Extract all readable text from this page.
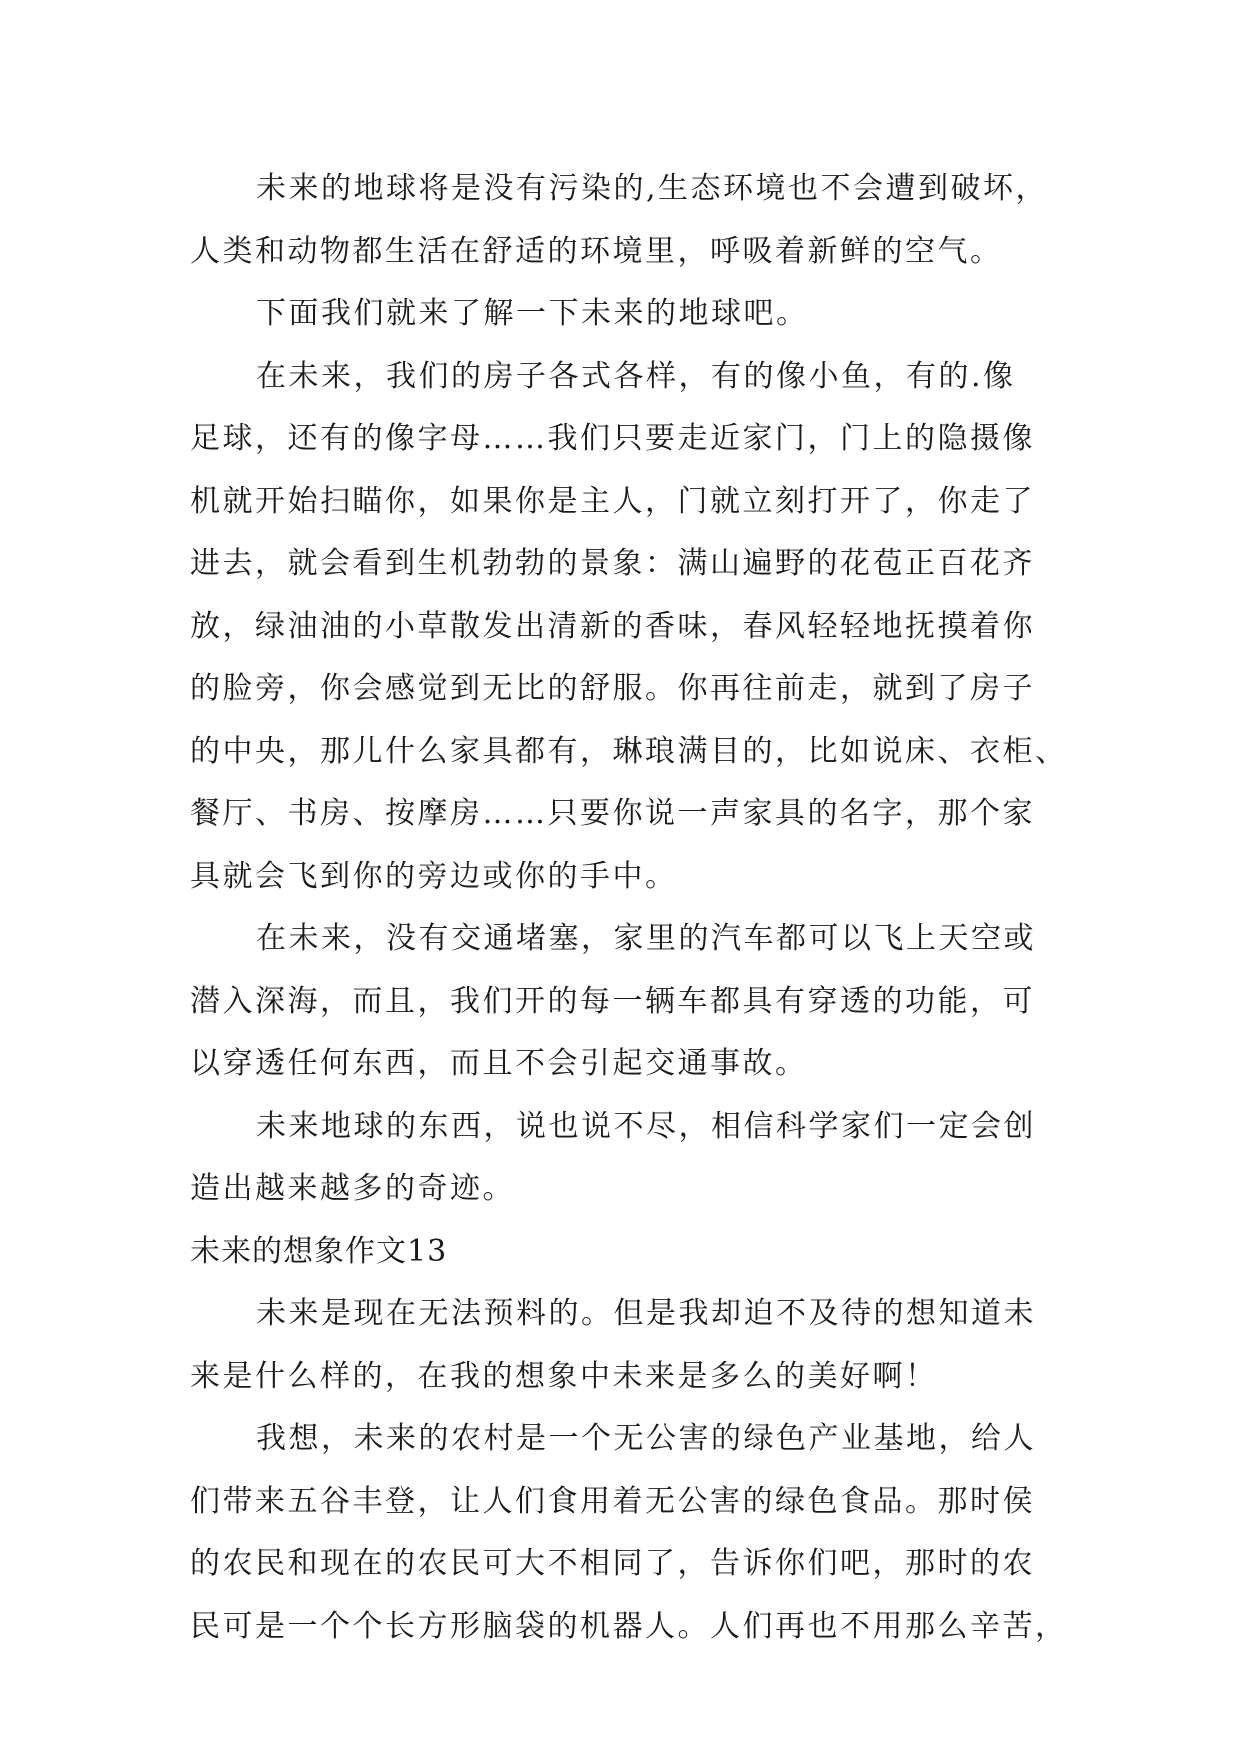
未来的地球将是没有污染的,生态环境也不会遭到破坏，
人类和动物都生活在舒适的环境里，呼吸着新鲜的空气。
下面我们就来了解一下未来的地球吧。
在未来，我们的房子各式各样，有的像小鱼，有的.像
足球，还有的像字母……我们只要走近家门，门上的隐摄像
机就开始扫瞄你，如果你是主人，门就立刻打开了，你走了
进去，就会看到生机勃勃的景象：满山遍野的花苞正百花齐
放，绿油油的小草散发出清新的香味，春风轻轻地抚摸着你
的脸旁，你会感觉到无比的舒服。你再往前走，就到了房子
的中央，那儿什么家具都有，琳琅满目的，比如说床、衣柜、
餐厅、书房、按摩房……只要你说一声家具的名字，那个家
具就会飞到你的旁边或你的手中。
在未来，没有交通堵塞，家里的汽车都可以飞上天空或
潜入深海，而且，我们开的每一辆车都具有穿透的功能，可
以穿透任何东西，而且不会引起交通事故。
未来地球的东西，说也说不尽，相信科学家们一定会创
造出越来越多的奇迹。
未来的想象作文13
未来是现在无法预料的。但是我却迫不及待的想知道未
来是什么样的，在我的想象中未来是多么的美好啊！
我想，未来的农村是一个无公害的绿色产业基地，给人
们带来五谷丰登，让人们食用着无公害的绿色食品。那时侯
的农民和现在的农民可大不相同了，告诉你们吧，那时的农
民可是一个个长方形脑袋的机器人。人们再也不用那么辛苦，
